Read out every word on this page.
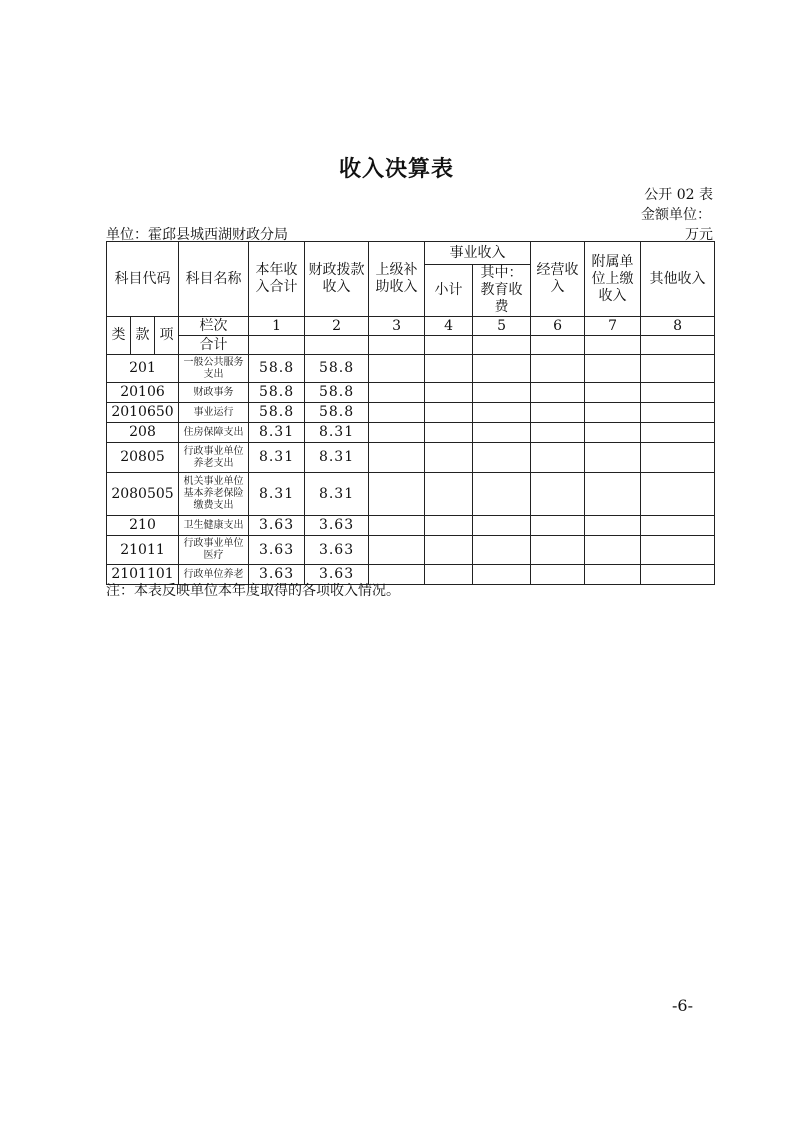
收入决算表
公开 02 表
金额单位：
单位：霍邱县城西湖财政分局	万元
科目代码			科目名称	本年收入合计	财政拨款收入	上级补助收入	事业收入		经营收入	附属单位上缴收入	其他收入
							小计	其中：教育收费			
类	款	项	栏次	1	2	3	4	5	6	7	8
			合计								
201			一般公共服务支出	58.8	58.8						
20106			财政事务	58.8	58.8						
2010650			事业运行	58.8	58.8						
208			住房保障支出	8.31	8.31						
20805			行政事业单位养老支出	8.31	8.31						
2080505			机关事业单位基本养老保险缴费支出	8.31	8.31						
210			卫生健康支出	3.63	3.63						
21011			行政事业单位医疗	3.63	3.63						
2101101			行政单位养老	3.63	3.63						
注：本表反映单位本年度取得的各项收入情况。
-6-
